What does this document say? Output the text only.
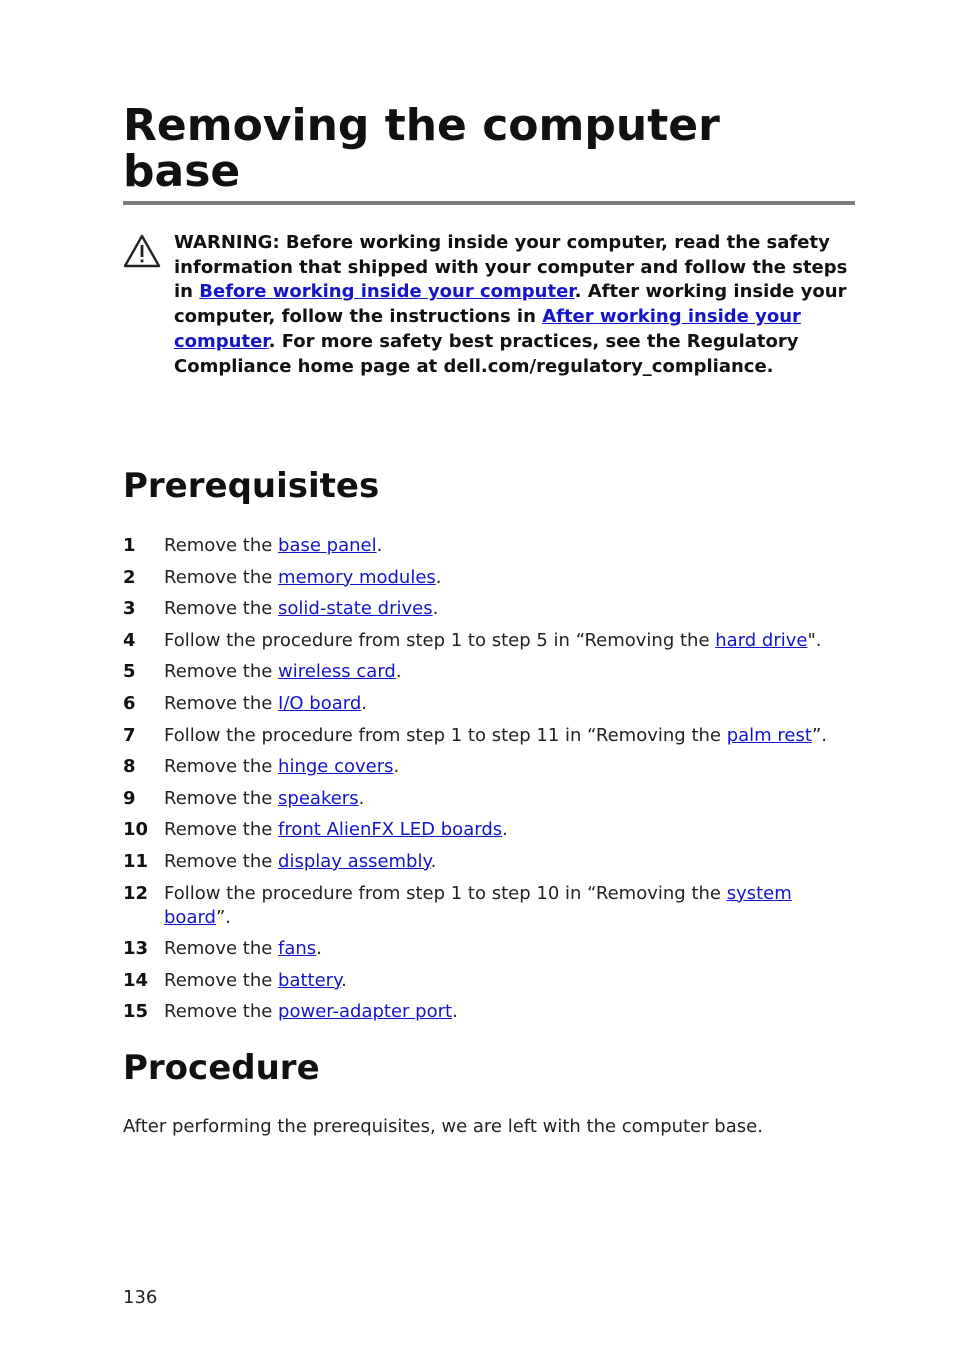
Removing the computer base
WARNING: Before working inside your computer, read the safety information that shipped with your computer and follow the steps in Before working inside your computer. After working inside your computer, follow the instructions in After working inside your computer. For more safety best practices, see the Regulatory Compliance home page at dell.com/regulatory_compliance.
Prerequisites
1 Remove the base panel.
2 Remove the memory modules.
3 Remove the solid-state drives.
4 Follow the procedure from step 1 to step 5 in “Removing the hard drive".
5 Remove the wireless card.
6 Remove the I/O board.
7 Follow the procedure from step 1 to step 11 in “Removing the palm rest”.
8 Remove the hinge covers.
9 Remove the speakers.
10 Remove the front AlienFX LED boards.
11 Remove the display assembly.
12 Follow the procedure from step 1 to step 10 in “Removing the system board”.
13 Remove the fans.
14 Remove the battery.
15 Remove the power-adapter port.
Procedure

After performing the prerequisites, we are left with the computer base.

136
